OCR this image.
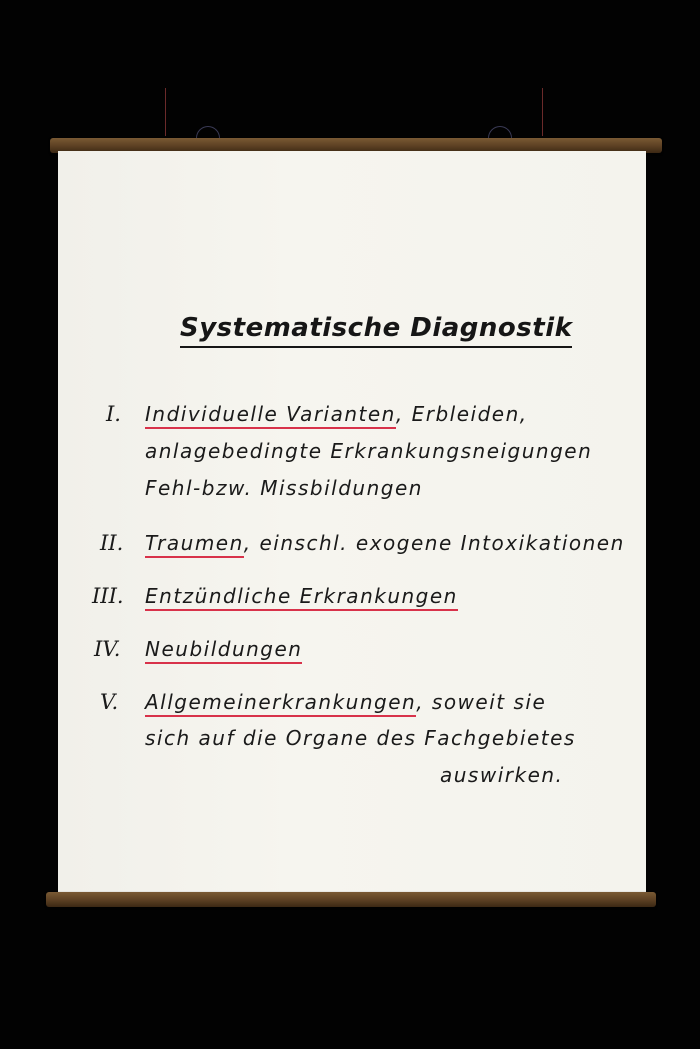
Systematische Diagnostik
I. Individuelle Varianten, Erbleiden,
anlagebedingte Erkrankungsneigungen
Fehl-bzw. Missbildungen
II. Traumen, einschl. exogene Intoxikationen
III. Entzündliche Erkrankungen
IV. Neubildungen
V. Allgemeinerkrankungen, soweit sie
sich auf die Organe des Fachgebietes
auswirken.
